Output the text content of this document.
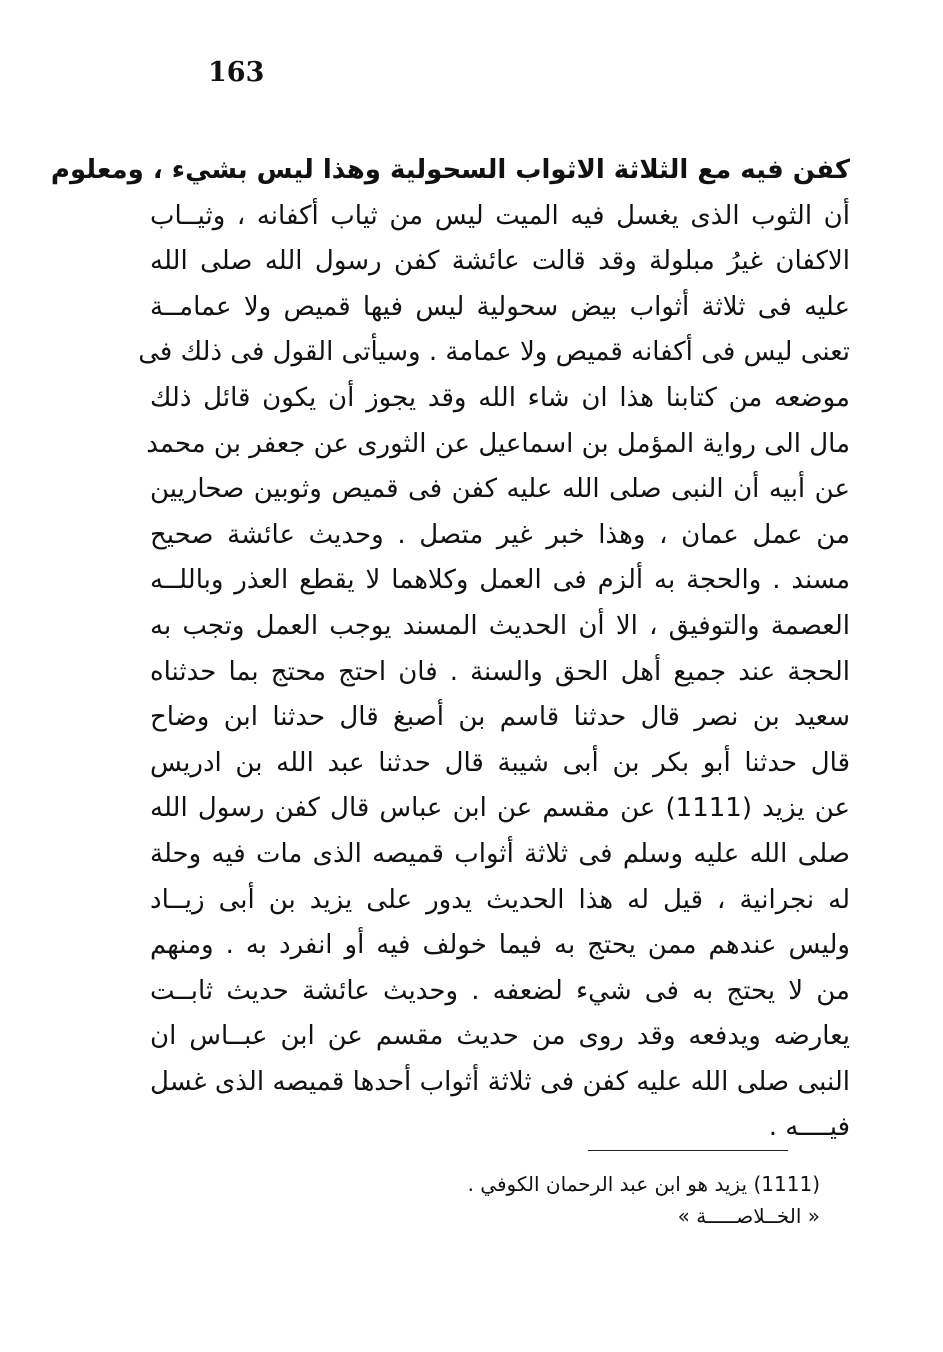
163
كفن فيه مع الثلاثة الاثواب السحولية وهذا ليس بشيء ، ومعلوم
أن الثوب الذى يغسل فيه الميت ليس من ثياب أكفانه ، وثيــاب
الاكفان غيرُ مبلولة وقد قالت عائشة كفن رسول الله صلى الله
عليه فى ثلاثة أثواب بيض سحولية ليس فيها قميص ولا عمامــة
تعنى ليس فى أكفانه قميص ولا عمامة . وسيأتى القول فى ذلك فى
موضعه من كتابنا هذا ان شاء الله وقد يجوز أن يكون قائل ذلك
مال الى رواية المؤمل بن اسماعيل عن الثورى عن جعفر بن محمد
عن أبيه أن النبى صلى الله عليه كفن فى قميص وثوبين صحاريين
من عمل عمان ، وهذا خبر غير متصل . وحديث عائشة صحيح
مسند . والحجة به ألزم فى العمل وكلاهما لا يقطع العذر وباللــه
العصمة والتوفيق ، الا أن الحديث المسند يوجب العمل وتجب به
الحجة عند جميع أهل الحق والسنة . فان احتج محتج بما حدثناه
سعيد بن نصر قال حدثنا قاسم بن أصبغ قال حدثنا ابن وضاح
قال حدثنا أبو بكر بن أبى شيبة قال حدثنا عبد الله بن ادريس
عن يزيد (1111) عن مقسم عن ابن عباس قال كفن رسول الله
صلى الله عليه وسلم فى ثلاثة أثواب قميصه الذى مات فيه وحلة
له نجرانية ، قيل له هذا الحديث يدور على يزيد بن أبى زيــاد
وليس عندهم ممن يحتج به فيما خولف فيه أو انفرد به . ومنهم
من لا يحتج به فى شيء لضعفه . وحديث عائشة حديث ثابــت
يعارضه ويدفعه وقد روى من حديث مقسم عن ابن عبــاس ان
النبى صلى الله عليه كفن فى ثلاثة أثواب أحدها قميصه الذى غسل
فيــــه .
(1111) يزيد هو ابن عبد الرحمان الكوفي .
« الخــلاصـــــة »
